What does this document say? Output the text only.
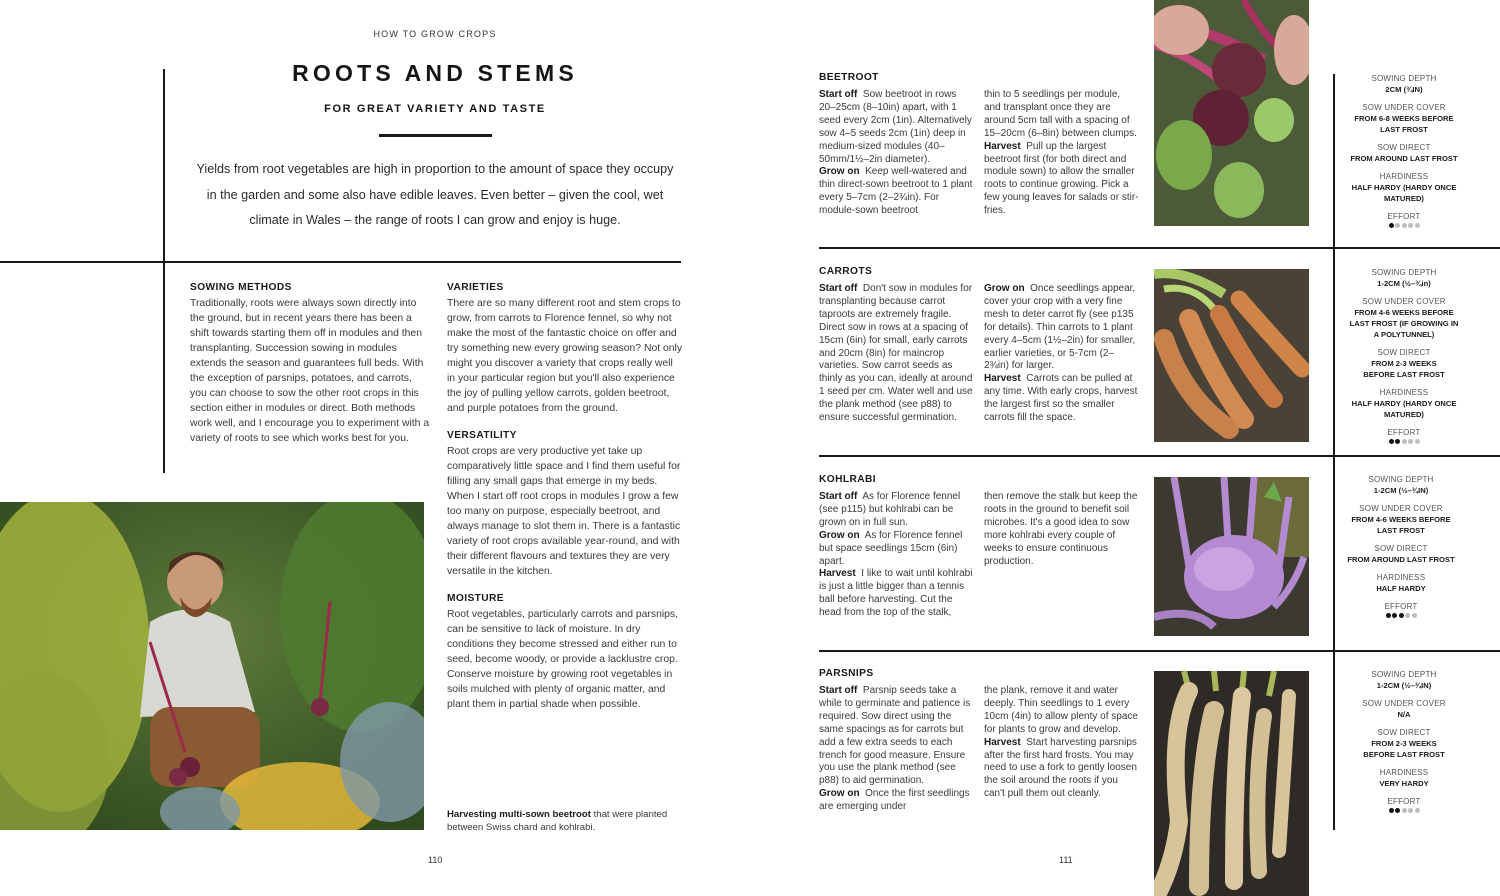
HOW TO GROW CROPS
ROOTS AND STEMS
FOR GREAT VARIETY AND TASTE
Yields from root vegetables are high in proportion to the amount of space they occupy in the garden and some also have edible leaves. Even better – given the cool, wet climate in Wales – the range of roots I can grow and enjoy is huge.
SOWING METHODS

Traditionally, roots were always sown directly into the ground, but in recent years there has been a shift towards starting them off in modules and then transplanting. Succession sowing in modules extends the season and guarantees full beds. With the exception of parsnips, potatoes, and carrots, you can choose to sow the other root crops in this section either in modules or direct. Both methods work well, and I encourage you to experiment with a variety of roots to see which works best for you.

VARIETIES

There are so many different root and stem crops to grow, from carrots to Florence fennel, so why not make the most of the fantastic choice on offer and try something new every growing season? Not only might you discover a variety that crops really well in your particular region but you'll also experience the joy of pulling yellow carrots, golden beetroot, and purple potatoes from the ground.

VERSATILITY

Root crops are very productive yet take up comparatively little space and I find them useful for filling any small gaps that emerge in my beds. When I start off root crops in modules I grow a few too many on purpose, especially beetroot, and always manage to slot them in. There is a fantastic variety of root crops available year-round, and with their different flavours and textures they are very versatile in the kitchen.

MOISTURE

Root vegetables, particularly carrots and parsnips, can be sensitive to lack of moisture. In dry conditions they become stressed and either run to seed, become woody, or provide a lacklustre crop. Conserve moisture by growing root vegetables in soils mulched with plenty of organic matter, and plant them in partial shade when possible.

Harvesting multi-sown beetroot that were planted between Swiss chard and kohlrabi.
110
BEETROOT
Start off Sow beetroot in rows 20–25cm (8–10in) apart, with 1 seed every 2cm (1in). Alternatively sow 4–5 seeds 2cm (1in) deep in medium-sized modules (40–50mm/1½–2in diameter).
Grow on Keep well-watered and thin direct-sown beetroot to 1 plant every 5–7cm (2–2¾in). For module-sown beetroot
thin to 5 seedlings per module, and transplant once they are around 5cm tall with a spacing of 15–20cm (6–8in) between clumps.
Harvest Pull up the largest beetroot first (for both direct and module sown) to allow the smaller roots to continue growing. Pick a few young leaves for salads or stir-fries.
SOWING DEPTH
2CM (¾IN)
SOW UNDER COVER
FROM 6-8 WEEKS BEFORE LAST FROST
SOW DIRECT
FROM AROUND LAST FROST
HARDINESS
HALF HARDY (HARDY ONCE MATURED)
EFFORT
CARROTS
Start off Don't sow in modules for transplanting because carrot taproots are extremely fragile. Direct sow in rows at a spacing of 15cm (6in) for small, early carrots and 20cm (8in) for maincrop varieties. Sow carrot seeds as thinly as you can, ideally at around 1 seed per cm. Water well and use the plank method (see p88) to ensure successful germination.
Grow on Once seedlings appear, cover your crop with a very fine mesh to deter carrot fly (see p135 for details). Thin carrots to 1 plant every 4–5cm (1½–2in) for smaller, earlier varieties, or 5-7cm (2–2¾in) for larger.
Harvest Carrots can be pulled at any time. With early crops, harvest the largest first so the smaller carrots fill the space.
SOWING DEPTH
1-2CM (½–¾in)
SOW UNDER COVER
FROM 4-6 WEEKS BEFORE LAST FROST (IF GROWING IN A POLYTUNNEL)
SOW DIRECT
FROM 2-3 WEEKS BEFORE LAST FROST
HARDINESS
HALF HARDY (HARDY ONCE MATURED)
EFFORT
KOHLRABI
Start off As for Florence fennel (see p115) but kohlrabi can be grown on in full sun.
Grow on As for Florence fennel but space seedlings 15cm (6in) apart.
Harvest I like to wait until kohlrabi is just a little bigger than a tennis ball before harvesting. Cut the head from the top of the stalk,
then remove the stalk but keep the roots in the ground to benefit soil microbes. It's a good idea to sow more kohlrabi every couple of weeks to ensure continuous production.
SOWING DEPTH
1-2CM (½–¾IN)
SOW UNDER COVER
FROM 4-6 WEEKS BEFORE LAST FROST
SOW DIRECT
FROM AROUND LAST FROST
HARDINESS
HALF HARDY
EFFORT
PARSNIPS
Start off Parsnip seeds take a while to germinate and patience is required. Sow direct using the same spacings as for carrots but add a few extra seeds to each trench for good measure. Ensure you use the plank method (see p88) to aid germination.
Grow on Once the first seedlings are emerging under
the plank, remove it and water deeply. Thin seedlings to 1 every 10cm (4in) to allow plenty of space for plants to grow and develop.
Harvest Start harvesting parsnips after the first hard frosts. You may need to use a fork to gently loosen the soil around the roots if you can't pull them out cleanly.
SOWING DEPTH
1-2CM (½–¾IN)
SOW UNDER COVER
N/A
SOW DIRECT
FROM 2-3 WEEKS BEFORE LAST FROST
HARDINESS
VERY HARDY
EFFORT
111
